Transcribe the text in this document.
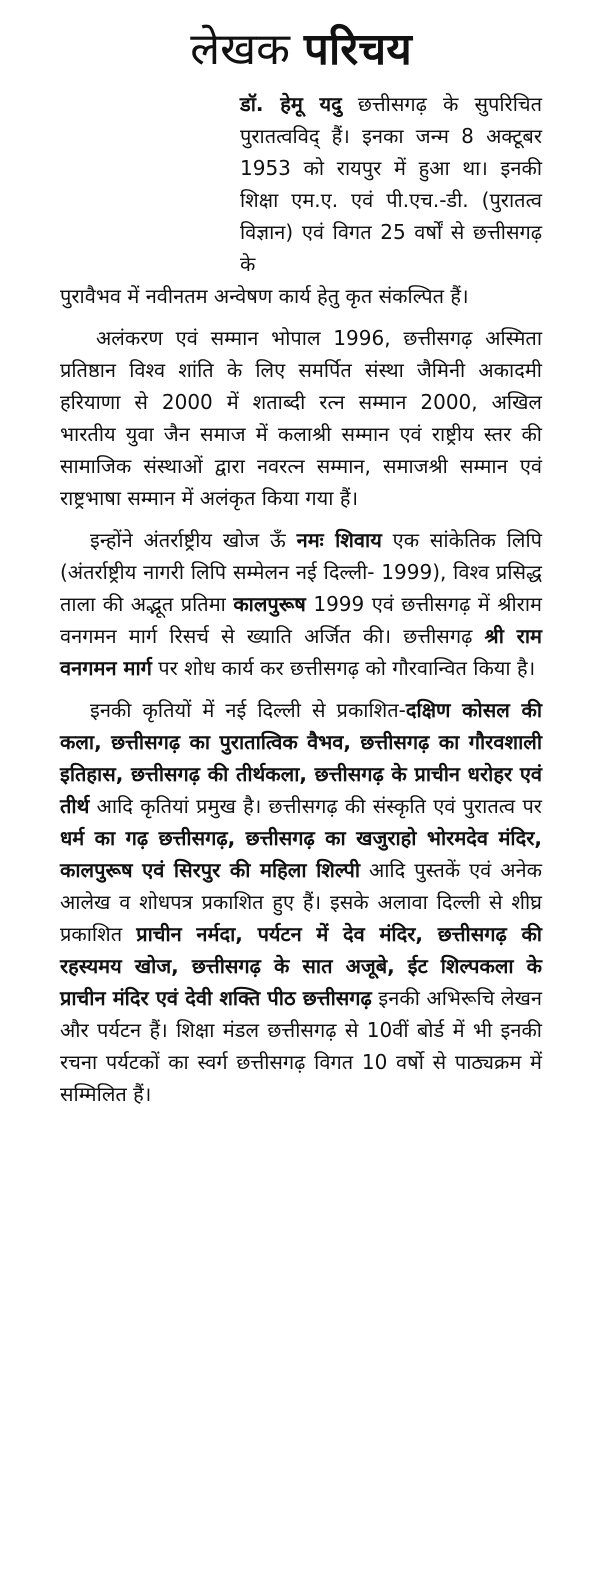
लेखक परिचय

डॉ. हेमू यदु छत्तीसगढ़ के सुपरिचित पुरातत्वविद् हैं। इनका जन्म 8 अक्टूबर 1953 को रायपुर में हुआ था। इनकी शिक्षा एम.ए. एवं पी.एच.-डी. (पुरातत्व विज्ञान) एवं विगत 25 वर्षों से छत्तीसगढ़ के

पुरावैभव में नवीनतम अन्वेषण कार्य हेतु कृत संकल्पित हैं।

अलंकरण एवं सम्मान भोपाल 1996, छत्तीसगढ़ अस्मिता प्रतिष्ठान विश्व शांति के लिए समर्पित संस्था जैमिनी अकादमी हरियाणा से 2000 में शताब्दी रत्न सम्मान 2000, अखिल भारतीय युवा जैन समाज में कलाश्री सम्मान एवं राष्ट्रीय स्तर की सामाजिक संस्थाओं द्वारा नवरत्न सम्मान, समाजश्री सम्मान एवं राष्ट्रभाषा सम्मान में अलंकृत किया गया हैं।

इन्होंने अंतर्राष्ट्रीय खोज ऊँ नमः शिवाय एक सांकेतिक लिपि (अंतर्राष्ट्रीय नागरी लिपि सम्मेलन नई दिल्ली- 1999), विश्व प्रसिद्ध ताला की अद्भूत प्रतिमा कालपुरूष 1999 एवं छत्तीसगढ़ में श्रीराम वनगमन मार्ग रिसर्च से ख्याति अर्जित की। छत्तीसगढ़ श्री राम वनगमन मार्ग पर शोध कार्य कर छत्तीसगढ़ को गौरवान्वित किया है।

इनकी कृतियों में नई दिल्ली से प्रकाशित-दक्षिण कोसल की कला, छत्तीसगढ़ का पुरातात्विक वैभव, छत्तीसगढ़ का गौरवशाली इतिहास, छत्तीसगढ़ की तीर्थकला, छत्तीसगढ़ के प्राचीन धरोहर एवं तीर्थ आदि कृतियां प्रमुख है। छत्तीसगढ़ की संस्कृति एवं पुरातत्व पर धर्म का गढ़ छत्तीसगढ़, छत्तीसगढ़ का खजुराहो भोरमदेव मंदिर, कालपुरूष एवं सिरपुर की महिला शिल्पी आदि पुस्तकें एवं अनेक आलेख व शोधपत्र प्रकाशित हुए हैं। इसके अलावा दिल्ली से शीघ्र प्रकाशित प्राचीन नर्मदा, पर्यटन में देव मंदिर, छत्तीसगढ़ की रहस्यमय खोज, छत्तीसगढ़ के सात अजूबे, ईट शिल्पकला के प्राचीन मंदिर एवं देवी शक्ति पीठ छत्तीसगढ़ इनकी अभिरूचि लेखन और पर्यटन हैं। शिक्षा मंडल छत्तीसगढ़ से 10वीं बोर्ड में भी इनकी रचना पर्यटकों का स्वर्ग छत्तीसगढ़ विगत 10 वर्षो से पाठ्यक्रम में सम्मिलित हैं।
